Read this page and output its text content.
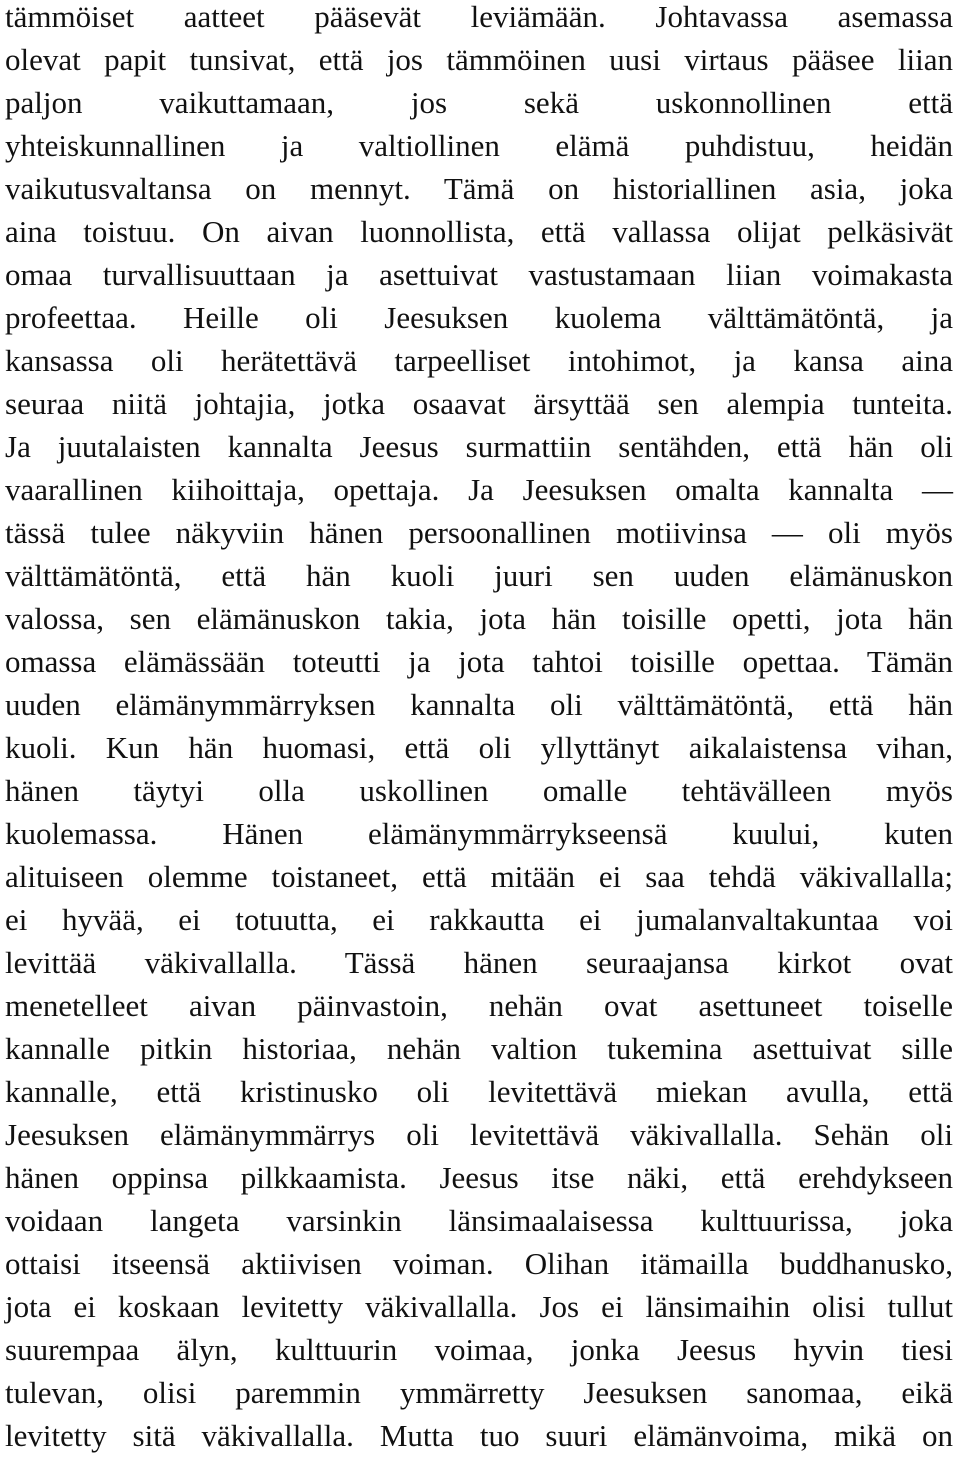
tämmöiset aatteet pääsevät leviämään. Johtavassa asemassa
olevat papit tunsivat, että jos tämmöinen uusi virtaus pääsee liian
paljon vaikuttamaan, jos sekä uskonnollinen että
yhteiskunnallinen ja valtiollinen elämä puhdistuu, heidän
vaikutusvaltansa on mennyt. Tämä on historiallinen asia, joka
aina toistuu. On aivan luonnollista, että vallassa olijat pelkäsivät
omaa turvallisuuttaan ja asettuivat vastustamaan liian voimakasta
profeettaa. Heille oli Jeesuksen kuolema välttämätöntä, ja
kansassa oli herätettävä tarpeelliset intohimot, ja kansa aina
seuraa niitä johtajia, jotka osaavat ärsyttää sen alempia tunteita.
Ja juutalaisten kannalta Jeesus surmattiin sentähden, että hän oli
vaarallinen kiihoittaja, opettaja. Ja Jeesuksen omalta kannalta —
tässä tulee näkyviin hänen persoonallinen motiivinsa — oli myös
välttämätöntä, että hän kuoli juuri sen uuden elämänuskon
valossa, sen elämänuskon takia, jota hän toisille opetti, jota hän
omassa elämässään toteutti ja jota tahtoi toisille opettaa. Tämän
uuden elämänymmärryksen kannalta oli välttämätöntä, että hän
kuoli. Kun hän huomasi, että oli yllyttänyt aikalaistensa vihan,
hänen täytyi olla uskollinen omalle tehtävälleen myös
kuolemassa. Hänen elämänymmärrykseensä kuului, kuten
alituiseen olemme toistaneet, että mitään ei saa tehdä väkivallalla;
ei hyvää, ei totuutta, ei rakkautta ei jumalanvaltakuntaa voi
levittää väkivallalla. Tässä hänen seuraajansa kirkot ovat
menetelleet aivan päinvastoin, nehän ovat asettuneet toiselle
kannalle pitkin historiaa, nehän valtion tukemina asettuivat sille
kannalle, että kristinusko oli levitettävä miekan avulla, että
Jeesuksen elämänymmärrys oli levitettävä väkivallalla. Sehän oli
hänen oppinsa pilkkaamista. Jeesus itse näki, että erehdykseen
voidaan langeta varsinkin länsimaalaisessa kulttuurissa, joka
ottaisi itseensä aktiivisen voiman. Olihan itämailla buddhanusko,
jota ei koskaan levitetty väkivallalla. Jos ei länsimaihin olisi tullut
suurempaa älyn, kulttuurin voimaa, jonka Jeesus hyvin tiesi
tulevan, olisi paremmin ymmärretty Jeesuksen sanomaa, eikä
levitetty sitä väkivallalla. Mutta tuo suuri elämänvoima, mikä on
